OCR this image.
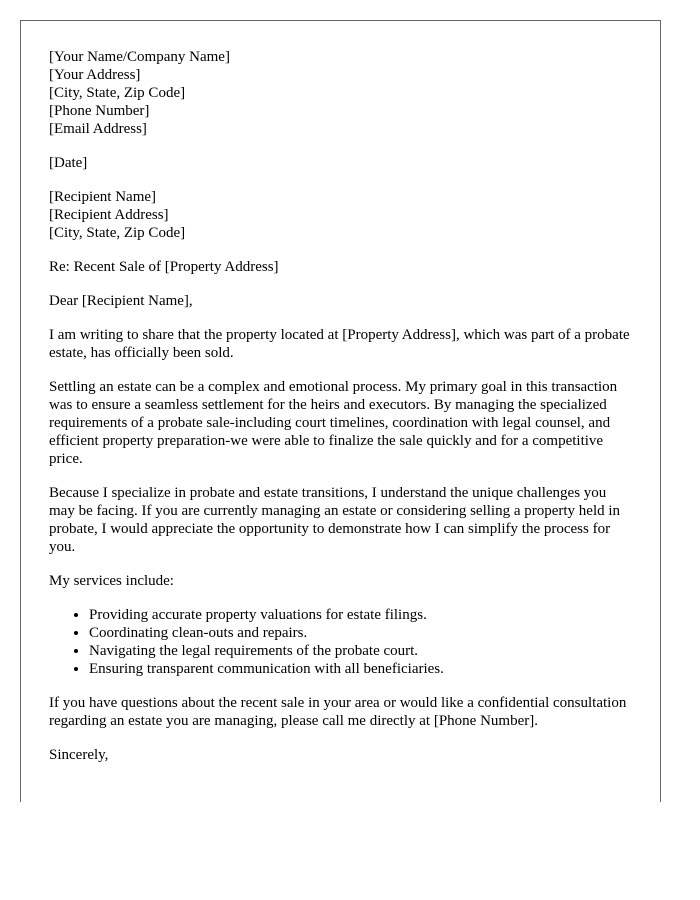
[Your Name/Company Name]
[Your Address]
[City, State, Zip Code]
[Phone Number]
[Email Address]
[Date]
[Recipient Name]
[Recipient Address]
[City, State, Zip Code]

Re: Recent Sale of [Property Address]

Dear [Recipient Name],

I am writing to share that the property located at [Property Address], which was part of a probate estate, has officially been sold.

Settling an estate can be a complex and emotional process. My primary goal in this transaction was to ensure a seamless settlement for the heirs and executors. By managing the specialized requirements of a probate sale-including court timelines, coordination with legal counsel, and efficient property preparation-we were able to finalize the sale quickly and for a competitive price.

Because I specialize in probate and estate transitions, I understand the unique challenges you may be facing. If you are currently managing an estate or considering selling a property held in probate, I would appreciate the opportunity to demonstrate how I can simplify the process for you.

My services include:

• Providing accurate property valuations for estate filings.
• Coordinating clean-outs and repairs.
• Navigating the legal requirements of the probate court.
• Ensuring transparent communication with all beneficiaries.

If you have questions about the recent sale in your area or would like a confidential consultation regarding an estate you are managing, please call me directly at [Phone Number].

Sincerely,
